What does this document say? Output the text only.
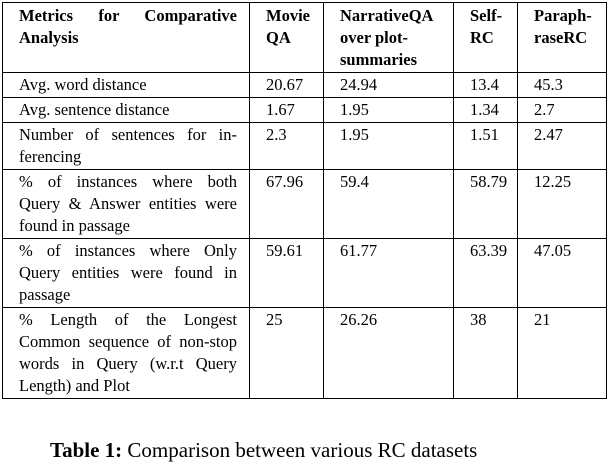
Metrics for Comparative Analysis	Movie QA	NarrativeQA over plot-summaries	Self-RC	Paraph-raseRC
Avg. word distance	20.67	24.94	13.4	45.3
Avg. sentence distance	1.67	1.95	1.34	2.7
Number of sentences for in-ferencing	2.3	1.95	1.51	2.47
% of instances where both Query & Answer entities were found in passage	67.96	59.4	58.79	12.25
% of instances where Only Query entities were found in passage	59.61	61.77	63.39	47.05
% Length of the Longest Common sequence of non-stop words in Query (w.r.t Query Length) and Plot	25	26.26	38	21
Table 1: Comparison between various RC datasets
